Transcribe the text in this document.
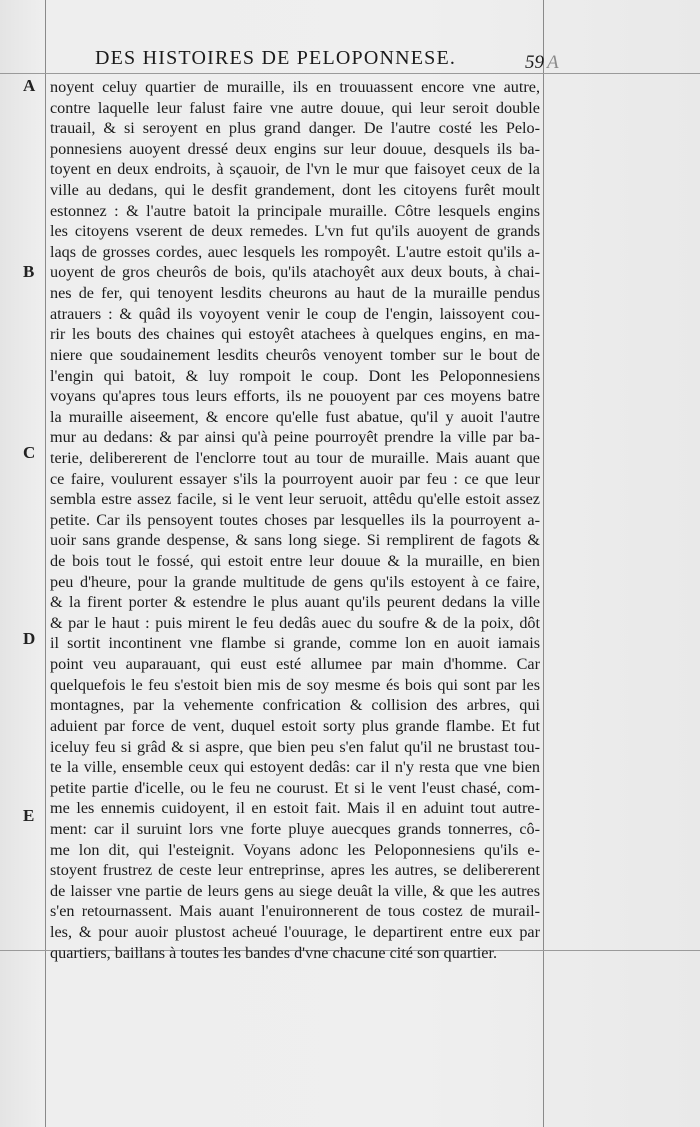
DES HISTOIRES DE PELOPONNESE.	59 A
A
B
C
D
E
noyent celuy quartier de muraille, ils en trouuassent encore vne autre,
contre laquelle leur falust faire vne autre douue, qui leur seroit double
trauail, & si seroyent en plus grand danger. De l'autre costé les Pelo-
ponnesiens auoyent dressé deux engins sur leur douue, desquels ils ba-
toyent en deux endroits, à sçauoir, de l'vn le mur que faisoyet ceux de la
ville au dedans, qui le desfit grandement, dont les citoyens furêt moult
estonnez : & l'autre batoit la principale muraille. Côtre lesquels engins
les citoyens vserent de deux remedes. L'vn fut qu'ils auoyent de grands
laqs de grosses cordes, auec lesquels les rompoyêt. L'autre estoit qu'ils a-
uoyent de gros cheurôs de bois, qu'ils atachoyêt aux deux bouts, à chai-
nes de fer, qui tenoyent lesdits cheurons au haut de la muraille pendus
atrauers : & quâd ils voyoyent venir le coup de l'engin, laissoyent cou-
rir les bouts des chaines qui estoyêt atachees à quelques engins, en ma-
niere que soudainement lesdits cheurôs venoyent tomber sur le bout de
l'engin qui batoit, & luy rompoit le coup. Dont les Peloponnesiens
voyans qu'apres tous leurs efforts, ils ne pouoyent par ces moyens batre
la muraille aiseement, & encore qu'elle fust abatue, qu'il y auoit l'autre
mur au dedans: & par ainsi qu'à peine pourroyêt prendre la ville par ba-
terie, delibererent de l'enclorre tout au tour de muraille. Mais auant que
ce faire, voulurent essayer s'ils la pourroyent auoir par feu : ce que leur
sembla estre assez facile, si le vent leur seruoit, attêdu qu'elle estoit assez
petite. Car ils pensoyent toutes choses par lesquelles ils la pourroyent a-
uoir sans grande despense, & sans long siege. Si remplirent de fagots &
de bois tout le fossé, qui estoit entre leur douue & la muraille, en bien
peu d'heure, pour la grande multitude de gens qu'ils estoyent à ce faire,
& la firent porter & estendre le plus auant qu'ils peurent dedans la ville
& par le haut : puis mirent le feu dedâs auec du soufre & de la poix, dôt
il sortit incontinent vne flambe si grande, comme lon en auoit iamais
point veu auparauant, qui eust esté allumee par main d'homme. Car
quelquefois le feu s'estoit bien mis de soy mesme és bois qui sont par les
montagnes, par la vehemente confrication & collision des arbres, qui
aduient par force de vent, duquel estoit sorty plus grande flambe. Et fut
iceluy feu si grâd & si aspre, que bien peu s'en falut qu'il ne brustast tou-
te la ville, ensemble ceux qui estoyent dedâs: car il n'y resta que vne bien
petite partie d'icelle, ou le feu ne courust. Et si le vent l'eust chasé, com-
me les ennemis cuidoyent, il en estoit fait. Mais il en aduint tout autre-
ment: car il suruint lors vne forte pluye auecques grands tonnerres, cô-
me lon dit, qui l'esteignit. Voyans adonc les Peloponnesiens qu'ils e-
stoyent frustrez de ceste leur entreprinse, apres les autres, se delibererent
de laisser vne partie de leurs gens au siege deuât la ville, & que les autres
s'en retournassent. Mais auant l'enuironnerent de tous costez de murail-
les, & pour auoir plustost acheué l'ouurage, le departirent entre eux par
quartiers, baillans à toutes les bandes d'vne chacune cité son quartier.
